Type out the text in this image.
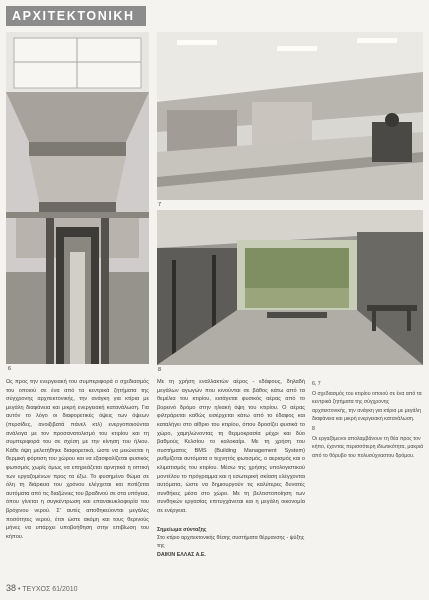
ΑΡΧΙΤΕΚΤΟΝΙΚΗ
6
7
8

Ως προς την ενεργειακή του συμπεριφορά ο σχεδιασμός του οποιού σε ένα από τα κεντρικά ζητήματα της σύγχρονης αρχιτεκτονικής, την ανάγκη για κτίρια με μεγάλη διαφάνεια και μικρή ενεργειακή κατανάλωση. Για αυτόν το λόγο οι διαφορετικές όψεις των όψεων (περσίδες, ανοιξιβατά πάνελ κτλ) ενεργοποιούνται ανάλογα με τον προσανατολισμό του κτιρίου και τη συμπεριφορά του σε σχέση με την κίνηση του ήλιου. Κάθε όψη μελετήθηκε διαφορετικά, ώστε να μειώνεται η θερμική φόρτιση του χώρου και να εξασφαλίζεται φυσικός φωτισμός χωρίς όμως να επηρεάζεται αρνητικά η οπτική των εργαζομένων προς τα έξω. Το φυσημένο θώμα σε όλη τη διάρκεια του χρόνου ελέγχεται και ποτίζεται αυτόματα από τις διαζώνιες του βραδινού σε στα υπόγεια, όπου γίνεται η συγκέντρωση και επανακυκλοφορία του βρόχινου νερού. Σ' αυτές αποθηκεύονται μεγάλες ποσότητες νερού, έτσι ώστε ακόμη και τους θερινούς μήνες να υπάρχει υποβοήθηση στην επιβίωση του κήπου.

Με τη χρήση εναλλακτών αέρος - εδάφους, δηλαδή μεγάλων αγωγών που κινούνται σε βάθος κάτω από τα θεμέλια του κτιρίου, εισάγεται φυσικός αέρας από το βορεινό δρόμο στην ηλιακή όψη του κτιρίου. Ο αέρας φιλτράρεται καθώς εισέρχεται κάτω από το έδαφος και καταλήγει στο αίθριο του κτιρίου, όπου δροσίζει φυσικά το χώρο, χαμηλώνοντας τη θερμοκρασία μέχρι και δύο βαθμούς Κελσίου το καλοκαίρι. Με τη χρήση του συστήματος BMS (Building Management System) ρυθμίζεται αυτόματα ο τεχνητός φωτισμός, ο αερισμός και ο κλιματισμός του κτιρίου. Μέσω της χρήσης υπολογιστικού μοντέλου το πρόγραμμα και η εσωτερική σκίαση ελέγχονται αυτόματα, ώστε να δημιουργούν τις καλύτερες δυνατές συνθήκες μέσα στο χώρο. Με τη βελτιστοποίηση των συνθηκών εργασίας επιτυγχάνεται και η μεγάλη οικονομία σε ενέργεια.

6, 7

Ο σχεδιασμός του κτιρίου οποιού σε ένα από τα κεντρικά ζητήματα της σύγχρονης αρχιτεκτονικής, την ανάγκη για κτίρια με μεγάλη διαφάνεια και μικρή ενεργειακή κατανάλωση.

8

Οι εργαζόμενοι απολαμβάνουν τη θέα προς τον κήπο, έχοντας περισσότερη ιδιωτικότητα, μακριά από το θόρυβο του πολυσύχναστου δρόμου.

Σημείωμα σύνταξης
Στο κτίριο αρχιτεκτονικής θέσης συστήματα θέρμανσης - ψύξης της
DAIKIN ΕΛΛΑΣ Α.Ε.
38 • ΤΕΥΧΟΣ 61/2010
